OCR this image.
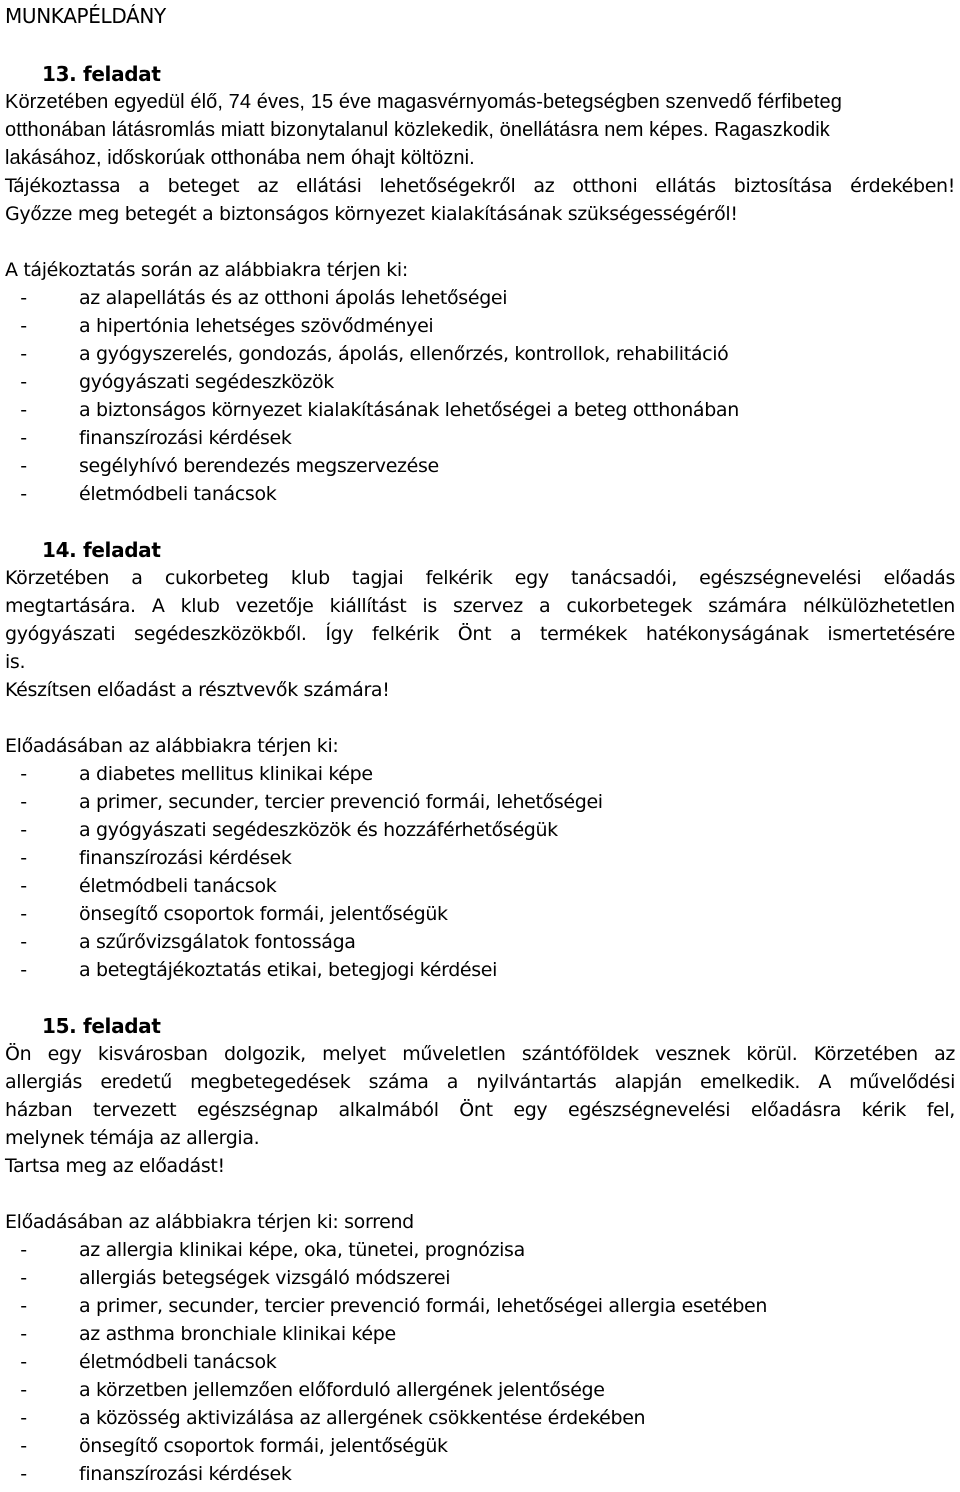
MUNKAPÉLDÁNY
13. feladat
Körzetében egyedül élő, 74 éves, 15 éve magasvérnyomás-betegségben szenvedő férfibeteg
otthonában látásromlás miatt bizonytalanul közlekedik, önellátásra nem képes. Ragaszkodik
lakásához, időskorúak otthonába nem óhajt költözni.
Tájékoztassa a beteget az ellátási lehetőségekről az otthoni ellátás biztosítása érdekében!
Győzze meg betegét a biztonságos környezet kialakításának szükségességéről!
A tájékoztatás során az alábbiakra térjen ki:
-	az alapellátás és az otthoni ápolás lehetőségei
-	a hipertónia lehetséges szövődményei
-	a gyógyszerelés, gondozás, ápolás, ellenőrzés, kontrollok, rehabilitáció
-	gyógyászati segédeszközök
-	a biztonságos környezet kialakításának lehetőségei a beteg otthonában
-	finanszírozási kérdések
-	segélyhívó berendezés megszervezése
-	életmódbeli tanácsok
14. feladat
Körzetében a cukorbeteg klub tagjai felkérik egy tanácsadói, egészségnevelési előadás
megtartására. A klub vezetője kiállítást is szervez a cukorbetegek számára nélkülözhetetlen
gyógyászati segédeszközökből. Így felkérik Önt a termékek hatékonyságának ismertetésére
is.
Készítsen előadást a résztvevők számára!
Előadásában az alábbiakra térjen ki:
-	a diabetes mellitus klinikai képe
-	a primer, secunder, tercier prevenció formái, lehetőségei
-	a gyógyászati segédeszközök és hozzáférhetőségük
-	finanszírozási kérdések
-	életmódbeli tanácsok
-	önsegítő csoportok formái, jelentőségük
-	a szűrővizsgálatok fontossága
-	a betegtájékoztatás etikai, betegjogi kérdései
15. feladat
Ön egy kisvárosban dolgozik, melyet műveletlen szántóföldek vesznek körül. Körzetében az
allergiás eredetű megbetegedések száma a nyilvántartás alapján emelkedik. A művelődési
házban tervezett egészségnap alkalmából Önt egy egészségnevelési előadásra kérik fel,
melynek témája az allergia.
Tartsa meg az előadást!
Előadásában az alábbiakra térjen ki: sorrend
-	az allergia klinikai képe, oka, tünetei, prognózisa
-	allergiás betegségek vizsgáló módszerei
-	a primer, secunder, tercier prevenció formái, lehetőségei allergia esetében
-	az asthma bronchiale klinikai képe
-	életmódbeli tanácsok
-	a körzetben jellemzően előforduló allergének jelentősége
-	a közösség aktivizálása az allergének csökkentése érdekében
-	önsegítő csoportok formái, jelentőségük
-	finanszírozási kérdések
